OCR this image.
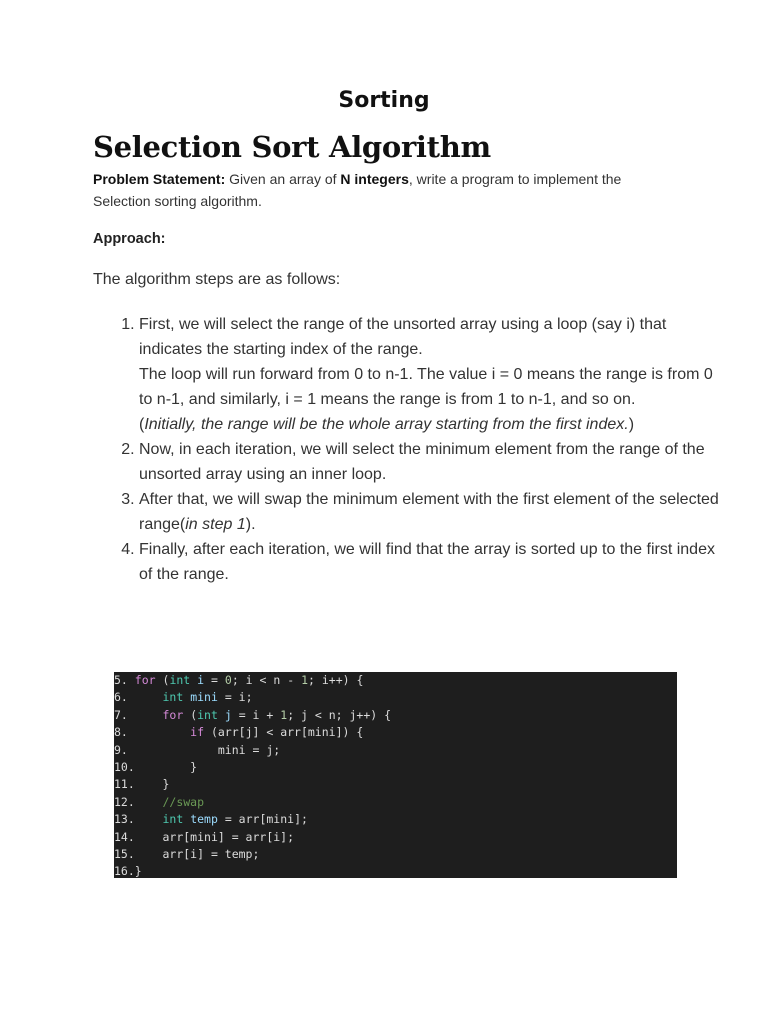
Sorting
Selection Sort Algorithm
Problem Statement: Given an array of N integers, write a program to implement the Selection sorting algorithm.
Approach:
The algorithm steps are as follows:
1. First, we will select the range of the unsorted array using a loop (say i) that indicates the starting index of the range.
The loop will run forward from 0 to n-1. The value i = 0 means the range is from 0 to n-1, and similarly, i = 1 means the range is from 1 to n-1, and so on.
(Initially, the range will be the whole array starting from the first index.)
2. Now, in each iteration, we will select the minimum element from the range of the unsorted array using an inner loop.
3. After that, we will swap the minimum element with the first element of the selected range(in step 1).
4. Finally, after each iteration, we will find that the array is sorted up to the first index of the range.
5. for (int i = 0; i < n - 1; i++) {
6.	int mini = i;
7.	for (int j = i + 1; j < n; j++) {
8.	if (arr[j] < arr[mini]) {
9.             mini = j;
10.        }
11.    }
12. //swap
13. int temp = arr[mini];
14.    arr[mini] = arr[i];
15.    arr[i] = temp;
16.}
